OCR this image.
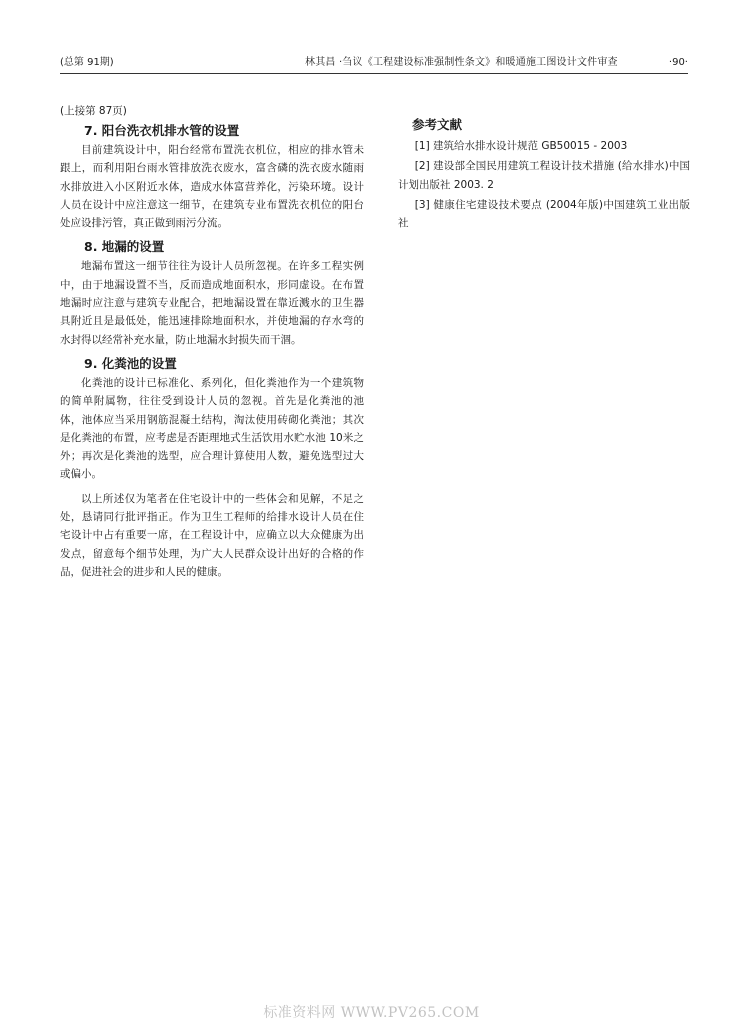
(总第 91期)	林其昌 ·刍议《工程建设标准强制性条文》和暖通施工图设计文件审查	·90·
(上接第 87页)
7. 阳台洗衣机排水管的设置

目前建筑设计中，阳台经常布置洗衣机位，相应的排水管未跟上，而利用阳台雨水管排放洗衣废水，富含磷的洗衣废水随雨水排放进入小区附近水体，造成水体富营养化，污染环境。设计人员在设计中应注意这一细节，在建筑专业布置洗衣机位的阳台处应设排污管，真正做到雨污分流。

8. 地漏的设置

地漏布置这一细节往往为设计人员所忽视。在许多工程实例中，由于地漏设置不当，反而造成地面积水，形同虚设。在布置地漏时应注意与建筑专业配合，把地漏设置在靠近溅水的卫生器具附近且是最低处，能迅速排除地面积水，并使地漏的存水弯的水封得以经常补充水量，防止地漏水封损失而干涸。

9. 化粪池的设置

化粪池的设计已标准化、系列化，但化粪池作为一个建筑物的简单附属物，往往受到设计人员的忽视。首先是化粪池的池体，池体应当采用钢筋混凝土结构，淘汰使用砖砌化粪池；其次是化粪池的布置，应考虑是否距理地式生活饮用水贮水池 10米之外；再次是化粪池的选型，应合理计算使用人数，避免选型过大或偏小。

以上所述仅为笔者在住宅设计中的一些体会和见解，不足之处，恳请同行批评指正。作为卫生工程师的给排水设计人员在住宅设计中占有重要一席，在工程设计中，应确立以大众健康为出发点，留意每个细节处理，为广大人民群众设计出好的合格的作品，促进社会的进步和人民的健康。

参考文献

[1] 建筑给水排水设计规范 GB50015 - 2003

[2] 建设部全国民用建筑工程设计技术措施 (给水排水)中国计划出版社 2003. 2

[3] 健康住宅建设技术要点 (2004年版)中国建筑工业出版社

标准资料网 WWW.PV265.COM
